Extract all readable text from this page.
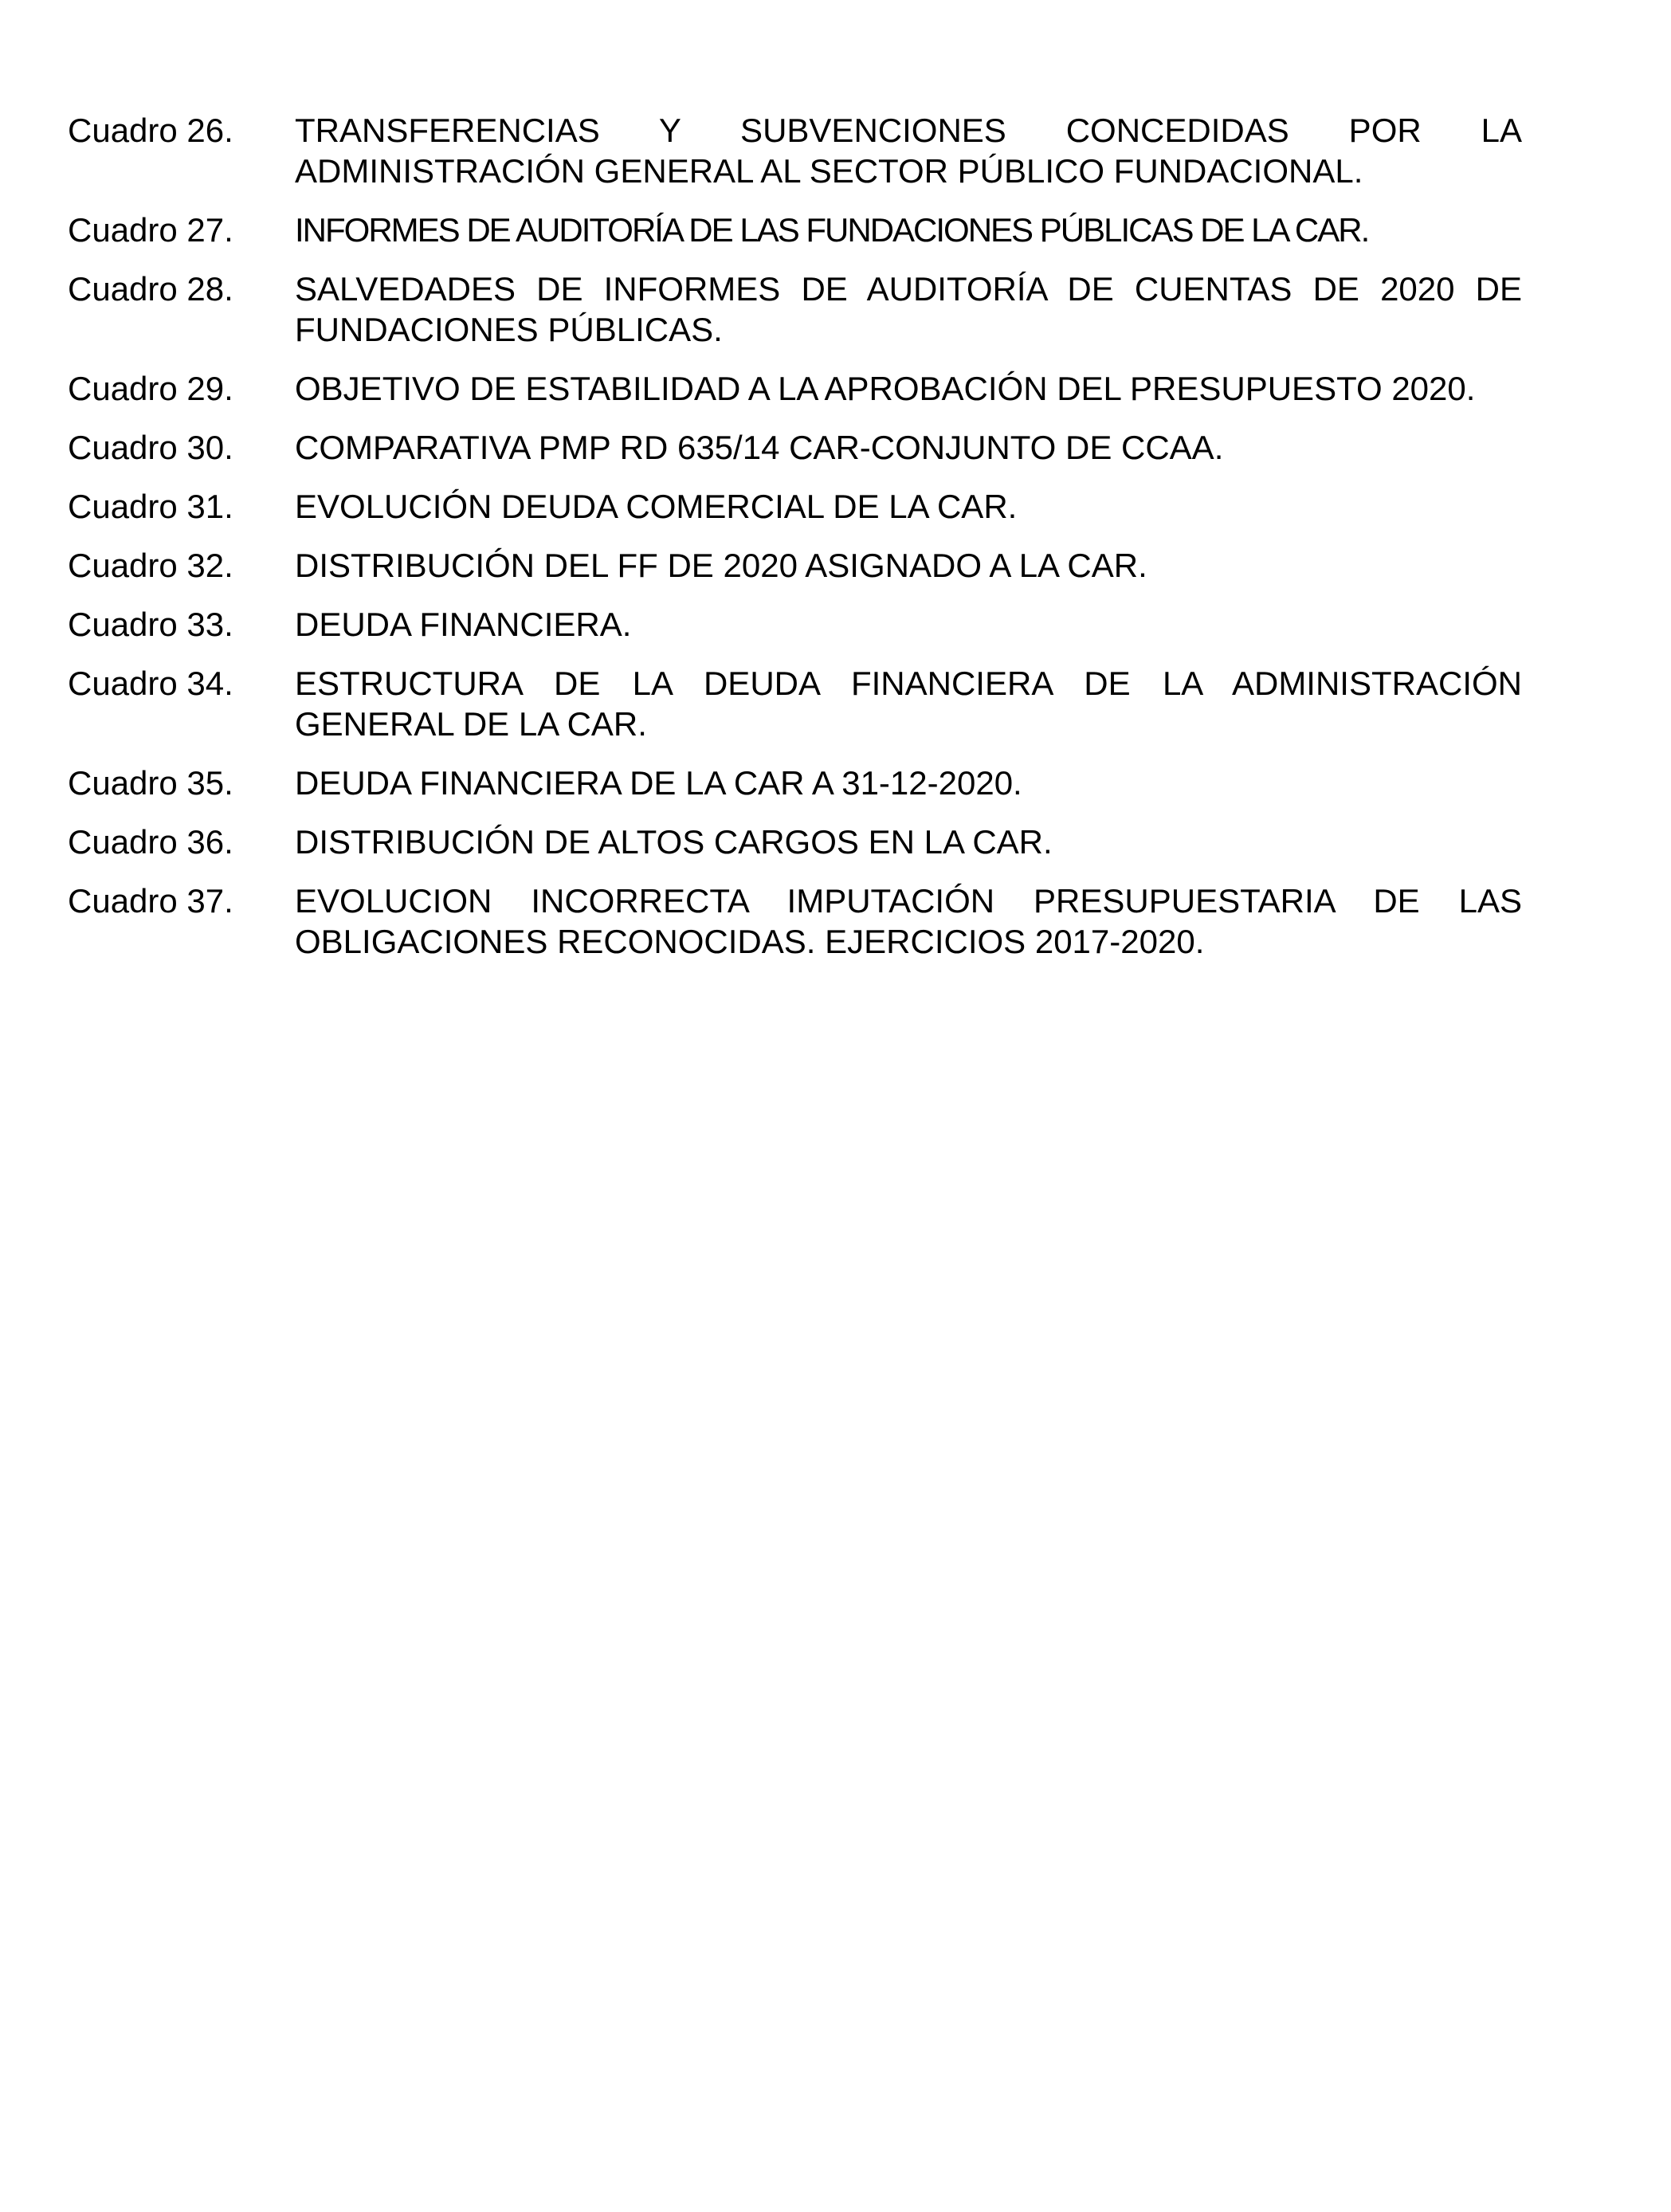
Cuadro 26.	TRANSFERENCIAS Y SUBVENCIONES CONCEDIDAS POR LA ADMINISTRACIÓN GENERAL AL SECTOR PÚBLICO FUNDACIONAL.
Cuadro 27.	INFORMES DE AUDITORÍA DE LAS FUNDACIONES PÚBLICAS DE LA CAR.
Cuadro 28.	SALVEDADES DE INFORMES DE AUDITORÍA DE CUENTAS DE 2020 DE FUNDACIONES PÚBLICAS.
Cuadro 29.	OBJETIVO DE ESTABILIDAD A LA APROBACIÓN DEL PRESUPUESTO 2020.
Cuadro 30.	COMPARATIVA PMP RD 635/14 CAR-CONJUNTO DE CCAA.
Cuadro 31.	EVOLUCIÓN DEUDA COMERCIAL DE LA CAR.
Cuadro 32.	DISTRIBUCIÓN DEL FF DE 2020 ASIGNADO A LA CAR.
Cuadro 33.	DEUDA FINANCIERA.
Cuadro 34.	ESTRUCTURA DE LA DEUDA FINANCIERA DE LA ADMINISTRACIÓN GENERAL DE LA CAR.
Cuadro 35.	DEUDA FINANCIERA DE LA CAR A 31-12-2020.
Cuadro 36.	DISTRIBUCIÓN DE ALTOS CARGOS EN LA CAR.
Cuadro 37.	EVOLUCION INCORRECTA IMPUTACIÓN PRESUPUESTARIA DE LAS OBLIGACIONES RECONOCIDAS. EJERCICIOS 2017-2020.
